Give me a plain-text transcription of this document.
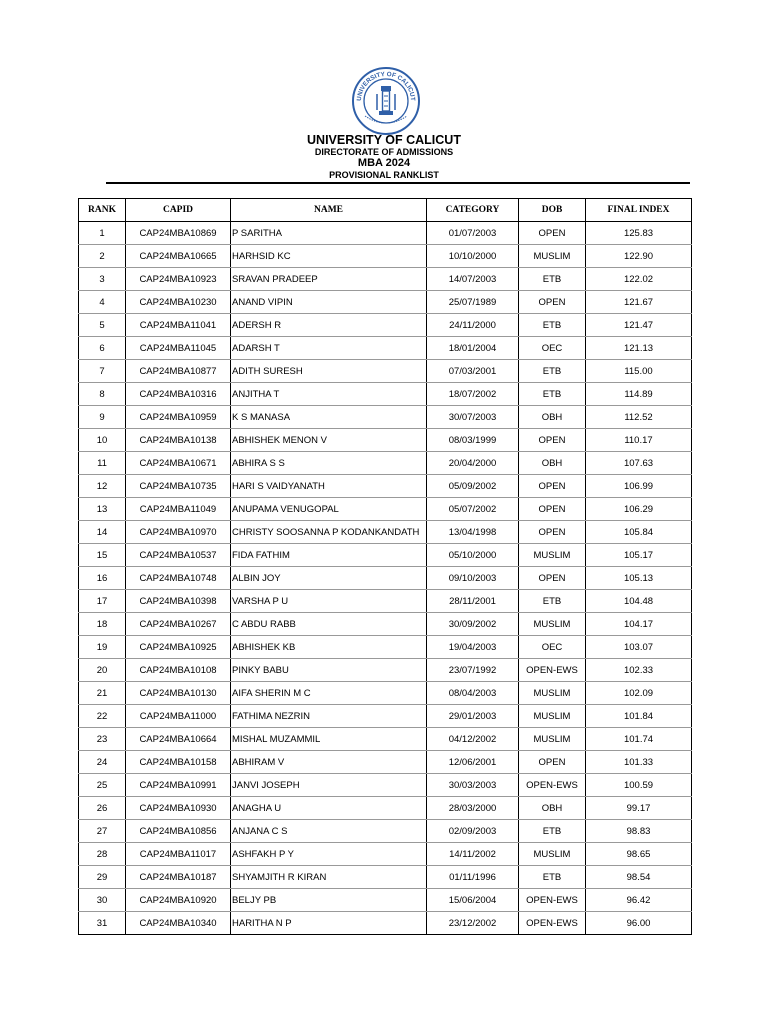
UNIVERSITY OF CALICUT
UNIVERSITY OF CALICUT
DIRECTORATE OF ADMISSIONS
MBA 2024
PROVISIONAL RANKLIST
RANK	CAPID	NAME	CATEGORY	DOB	FINAL INDEX
1	CAP24MBA10869	P SARITHA	01/07/2003	OPEN	125.83
2	CAP24MBA10665	HARHSID KC	10/10/2000	MUSLIM	122.90
3	CAP24MBA10923	SRAVAN PRADEEP	14/07/2003	ETB	122.02
4	CAP24MBA10230	ANAND VIPIN	25/07/1989	OPEN	121.67
5	CAP24MBA11041	ADERSH R	24/11/2000	ETB	121.47
6	CAP24MBA11045	ADARSH T	18/01/2004	OEC	121.13
7	CAP24MBA10877	ADITH SURESH	07/03/2001	ETB	115.00
8	CAP24MBA10316	ANJITHA T	18/07/2002	ETB	114.89
9	CAP24MBA10959	K S MANASA	30/07/2003	OBH	112.52
10	CAP24MBA10138	ABHISHEK MENON V	08/03/1999	OPEN	110.17
11	CAP24MBA10671	ABHIRA S S	20/04/2000	OBH	107.63
12	CAP24MBA10735	HARI S VAIDYANATH	05/09/2002	OPEN	106.99
13	CAP24MBA11049	ANUPAMA VENUGOPAL	05/07/2002	OPEN	106.29
14	CAP24MBA10970	CHRISTY SOOSANNA P KODANKANDATH	13/04/1998	OPEN	105.84
15	CAP24MBA10537	FIDA FATHIM	05/10/2000	MUSLIM	105.17
16	CAP24MBA10748	ALBIN JOY	09/10/2003	OPEN	105.13
17	CAP24MBA10398	VARSHA P U	28/11/2001	ETB	104.48
18	CAP24MBA10267	C ABDU RABB	30/09/2002	MUSLIM	104.17
19	CAP24MBA10925	ABHISHEK KB	19/04/2003	OEC	103.07
20	CAP24MBA10108	PINKY BABU	23/07/1992	OPEN-EWS	102.33
21	CAP24MBA10130	AIFA SHERIN M C	08/04/2003	MUSLIM	102.09
22	CAP24MBA11000	FATHIMA NEZRIN	29/01/2003	MUSLIM	101.84
23	CAP24MBA10664	MISHAL MUZAMMIL	04/12/2002	MUSLIM	101.74
24	CAP24MBA10158	ABHIRAM V	12/06/2001	OPEN	101.33
25	CAP24MBA10991	JANVI JOSEPH	30/03/2003	OPEN-EWS	100.59
26	CAP24MBA10930	ANAGHA U	28/03/2000	OBH	99.17
27	CAP24MBA10856	ANJANA C S	02/09/2003	ETB	98.83
28	CAP24MBA11017	ASHFAKH P Y	14/11/2002	MUSLIM	98.65
29	CAP24MBA10187	SHYAMJITH R KIRAN	01/11/1996	ETB	98.54
30	CAP24MBA10920	BELJY PB	15/06/2004	OPEN-EWS	96.42
31	CAP24MBA10340	HARITHA N P	23/12/2002	OPEN-EWS	96.00
